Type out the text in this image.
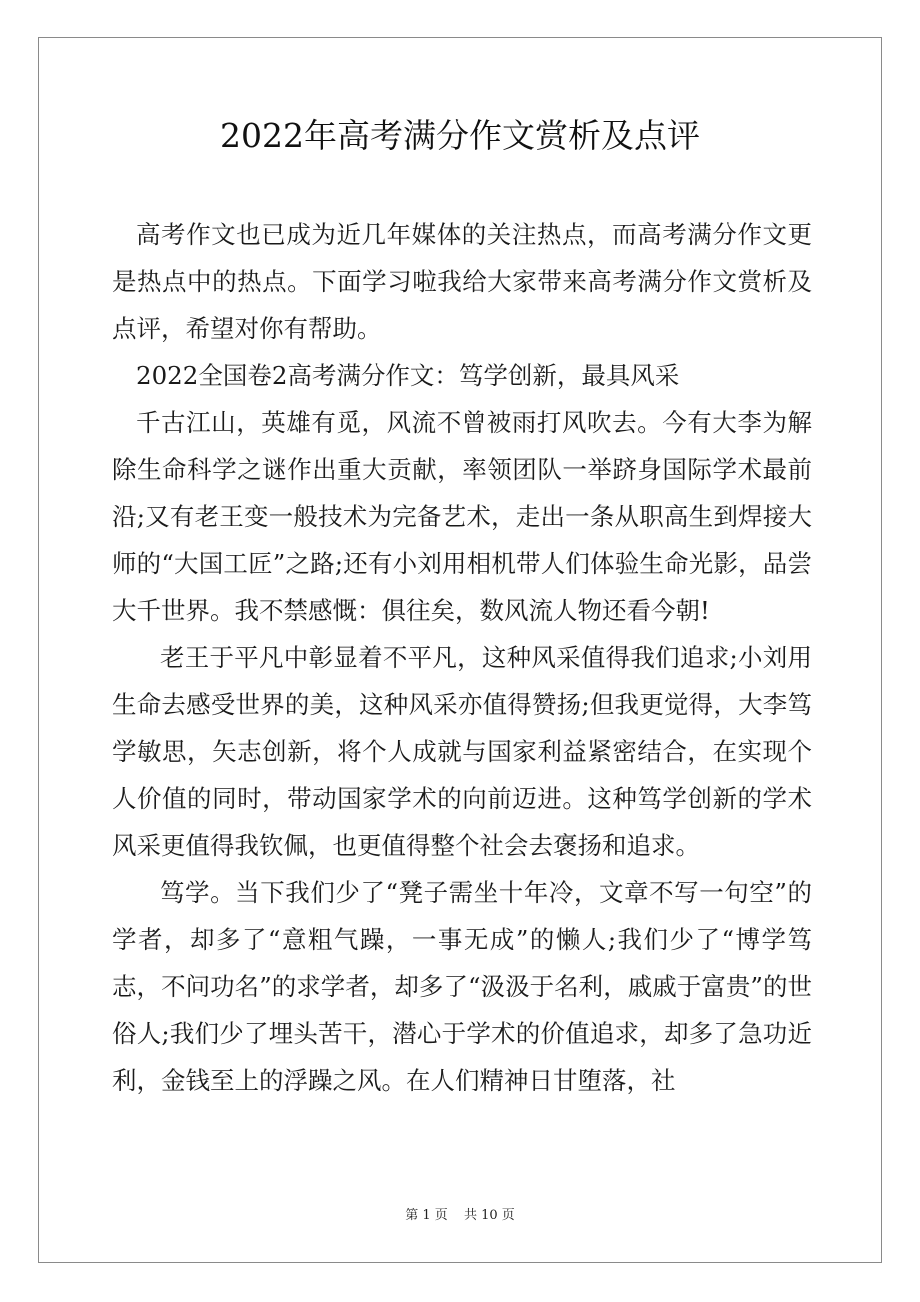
2022年高考满分作文赏析及点评

高考作文也已成为近几年媒体的关注热点，而高考满分作文更是热点中的热点。下面学习啦我给大家带来高考满分作文赏析及点评，希望对你有帮助。

2022全国卷2高考满分作文：笃学创新，最具风采

千古江山，英雄有觅，风流不曾被雨打风吹去。今有大李为解除生命科学之谜作出重大贡献，率领团队一举跻身国际学术最前沿;又有老王变一般技术为完备艺术，走出一条从职高生到焊接大师的“大国工匠”之路;还有小刘用相机带人们体验生命光影，品尝大千世界。我不禁感慨：俱往矣，数风流人物还看今朝!

老王于平凡中彰显着不平凡，这种风采值得我们追求;小刘用生命去感受世界的美，这种风采亦值得赞扬;但我更觉得，大李笃学敏思，矢志创新，将个人成就与国家利益紧密结合，在实现个人价值的同时，带动国家学术的向前迈进。这种笃学创新的学术风采更值得我钦佩，也更值得整个社会去褒扬和追求。

笃学。当下我们少了“凳子需坐十年冷，文章不写一句空”的学者，却多了“意粗气躁，一事无成”的懒人;我们少了“博学笃志，不问功名”的求学者，却多了“汲汲于名利，戚戚于富贵”的世俗人;我们少了埋头苦干，潜心于学术的价值追求，却多了急功近利，金钱至上的浮躁之风。在人们精神日甘堕落，社

第 1 页 共 10 页
